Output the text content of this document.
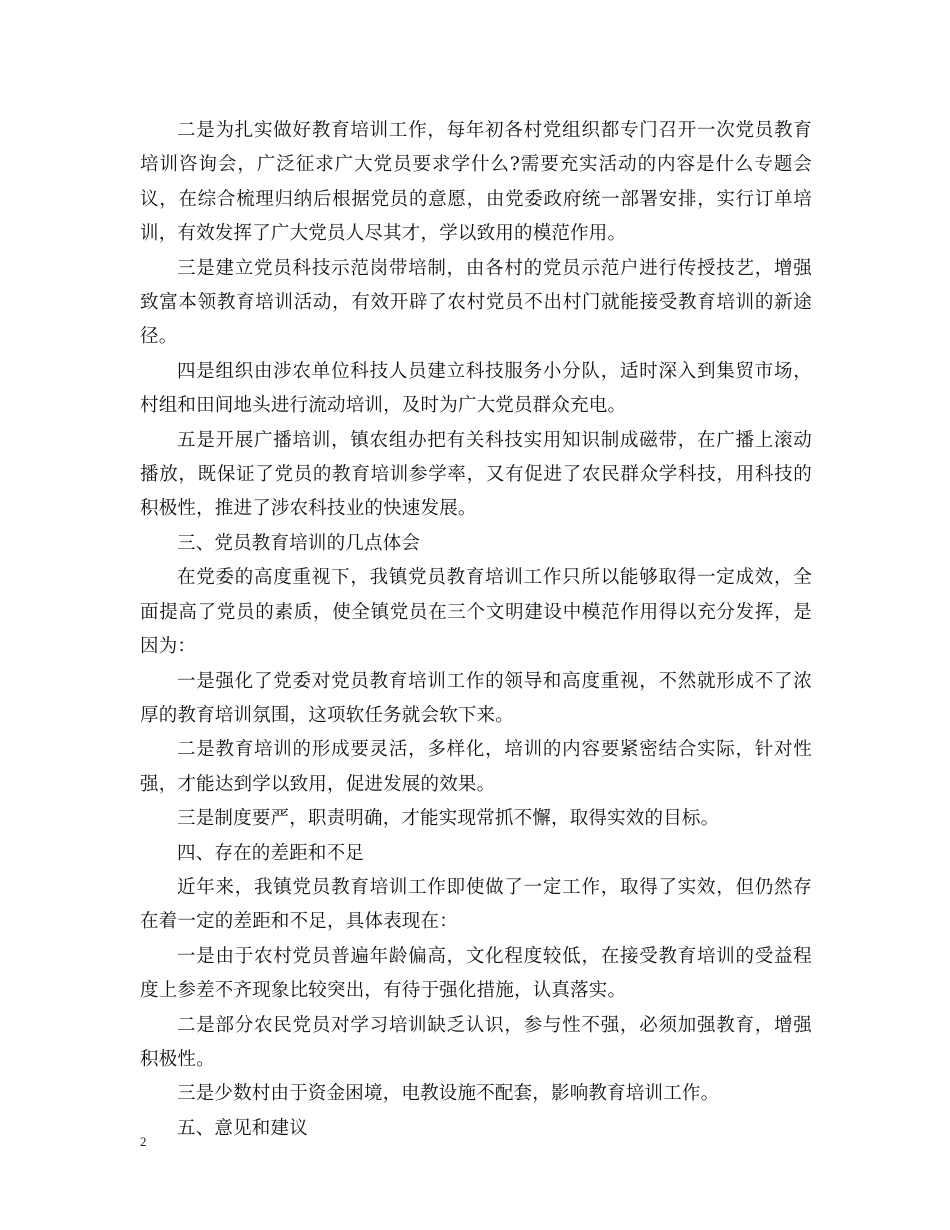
二是为扎实做好教育培训工作，每年初各村党组织都专门召开一次党员教育培训咨询会，广泛征求广大党员要求学什么?需要充实活动的内容是什么专题会议，在综合梳理归纳后根据党员的意愿，由党委政府统一部署安排，实行订单培训，有效发挥了广大党员人尽其才，学以致用的模范作用。

三是建立党员科技示范岗带培制，由各村的党员示范户进行传授技艺，增强致富本领教育培训活动，有效开辟了农村党员不出村门就能接受教育培训的新途径。

四是组织由涉农单位科技人员建立科技服务小分队，适时深入到集贸市场，村组和田间地头进行流动培训，及时为广大党员群众充电。

五是开展广播培训，镇农组办把有关科技实用知识制成磁带，在广播上滚动播放，既保证了党员的教育培训参学率，又有促进了农民群众学科技，用科技的积极性，推进了涉农科技业的快速发展。

三、党员教育培训的几点体会

在党委的高度重视下，我镇党员教育培训工作只所以能够取得一定成效，全面提高了党员的素质，使全镇党员在三个文明建设中模范作用得以充分发挥，是因为：

一是强化了党委对党员教育培训工作的领导和高度重视，不然就形成不了浓厚的教育培训氛围，这项软任务就会软下来。

二是教育培训的形成要灵活，多样化，培训的内容要紧密结合实际，针对性强，才能达到学以致用，促进发展的效果。

三是制度要严，职责明确，才能实现常抓不懈，取得实效的目标。

四、存在的差距和不足

近年来，我镇党员教育培训工作即使做了一定工作，取得了实效，但仍然存在着一定的差距和不足，具体表现在：

一是由于农村党员普遍年龄偏高，文化程度较低，在接受教育培训的受益程度上参差不齐现象比较突出，有待于强化措施，认真落实。

二是部分农民党员对学习培训缺乏认识，参与性不强，必须加强教育，增强积极性。

三是少数村由于资金困境，电教设施不配套，影响教育培训工作。

五、意见和建议

2
